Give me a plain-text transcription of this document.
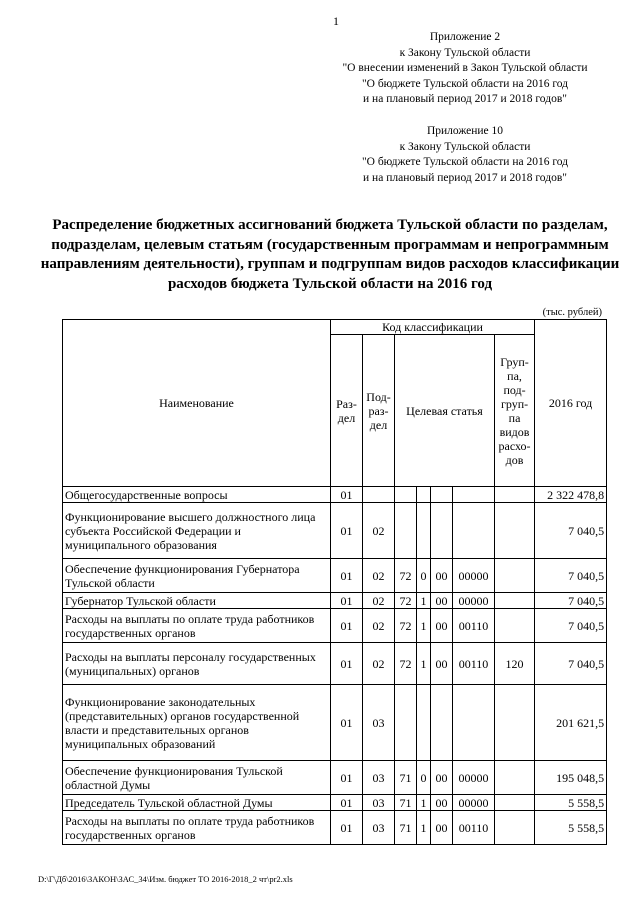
1
Приложение 2
к Закону Тульской области
"О внесении изменений в Закон Тульской области
"О бюджете Тульской области на 2016 год
и на плановый период 2017 и 2018 годов"
Приложение 10
к Закону Тульской области
"О бюджете Тульской области на 2016 год
и на плановый период 2017 и 2018 годов"
Распределение бюджетных ассигнований бюджета Тульской области по разделам, подразделам, целевым статьям (государственным программам и непрограммным направлениям деятельности), группам и подгруппам видов расходов классификации расходов бюджета Тульской области на 2016 год
(тыс. рублей)
Наименование	Код классификации							2016 год
	Раз-дел	Под-раз-дел	Целевая статья				Груп-па, под-груп-па видов расхо-дов	
Общегосударственные вопросы	01							2 322 478,8
Функционирование высшего должностного лица субъекта Российской Федерации и муниципального образования	01	02						7 040,5
Обеспечение функционирования Губернатора Тульской области	01	02	72	0	00	00000		7 040,5
Губернатор Тульской области	01	02	72	1	00	00000		7 040,5
Расходы на выплаты по оплате труда работников государственных органов	01	02	72	1	00	00110		7 040,5
Расходы на выплаты персоналу государственных (муниципальных) органов	01	02	72	1	00	00110	120	7 040,5
Функционирование законодательных (представительных) органов государственной власти и представительных органов муниципальных образований	01	03						201 621,5
Обеспечение функционирования Тульской областной Думы	01	03	71	0	00	00000		195 048,5
Председатель Тульской областной Думы	01	03	71	1	00	00000		5 558,5
Расходы на выплаты по оплате труда работников государственных органов	01	03	71	1	00	00110		5 558,5
D:\Г\Дб\2016\ЗАКОН\ЗАС_34\Изм. бюджет ТО 2016-2018_2 чт\pr2.xls
